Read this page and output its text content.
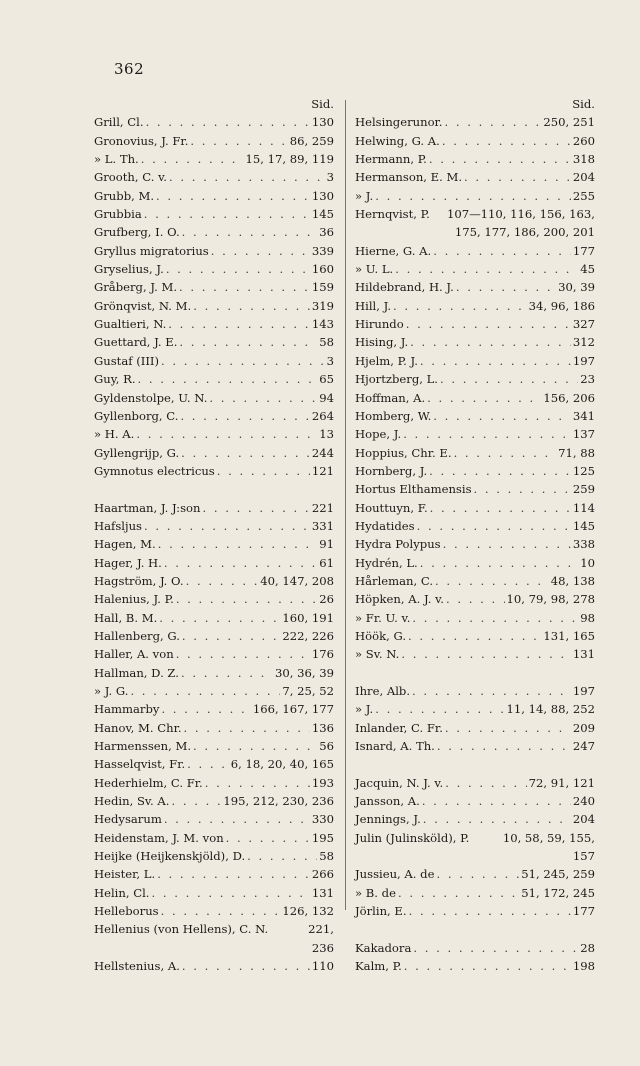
362
Sid.
Grill, Cl. . . .	130
Gronovius, J. Fr. . . .	86, 259
» L. Th. . . .	15, 17, 89, 119
Grooth, C. v. . . .	3
Grubb, M. . . .	130
Grubbia . . .	145
Grufberg, I. O. . . .	36
Gryllus migratorius . . .	339
Gryselius, J. . . .	160
Gråberg, J. M. . . .	159
Grönqvist, N. M. . . .	319
Gualtieri, N. . . .	143
Guettard, J. E. . . .	58
Gustaf (III) . . .	3
Guy, R. . . .	65
Gyldenstolpe, U. N. . . .	94
Gyllenborg, C. . . .	264
» H. A. . . .	13
Gyllengrijp, G. . . .	244
Gymnotus electricus . . .	121
Haartman, J. J:son . . .	221
Hafsljus . . .	331
Hagen, M. . . .	91
Hager, J. H. . . .	61
Hagström, J. O. . . .	40, 147, 208
Halenius, J. P. . . .	26
Hall, B. M. . . .	160, 191
Hallenberg, G. . . .	222, 226
Haller, A. von . . .	176
Hallman, D. Z. . . .	30, 36, 39
» J. G. . . .	7, 25, 52
Hammarby . . .	166, 167, 177
Hanov, M. Chr. . . .	136
Harmenssen, M. . . .	56
Hasselqvist, Fr. . . .	6, 18, 20, 40, 165
Hederhielm, C. Fr. . . .	193
Hedin, Sv. A. . . .	195, 212, 230, 236
Hedysarum . . .	330
Heidenstam, J. M. von . . .	195
Heijke (Heijkenskjöld), D. . . .	58
Heister, L. . . .	266
Helin, Cl. . . .	131
Helleborus . . .	126, 132
Hellenius (von Hellens), C. N.	221,
236
Hellstenius, A. . . .	110
Sid.
Helsingerunor. . . .	250, 251
Helwing, G. A. . . .	260
Hermann, P. . . .	318
Hermanson, E. M. . . .	204
» J. . . .	255
Hernqvist, P. 107—110, 116, 156, 163,
175, 177, 186, 200, 201
Hierne, G. A. . . .	177
» U. L. . . .	45
Hildebrand, H. J. . . .	30, 39
Hill, J. . . .	34, 96, 186
Hirundo . . .	327
Hising, J. . . .	312
Hjelm, P. J. . . .	197
Hjortzberg, L. . . .	23
Hoffman, A. . . .	156, 206
Homberg, W. . . .	341
Hope, J. . . .	137
Hoppius, Chr. E. . . .	71, 88
Hornberg, J. . . .	125
Hortus Elthamensis . . .	259
Houttuyn, F. . . .	114
Hydatides . . .	145
Hydra Polypus . . .	338
Hydrén, L. . . .	10
Hårleman, C. . . .	48, 138
Höpken, A. J. v. . . .	10, 79, 98, 278
» Fr. U. v. . . .	98
Höök, G. . . .	131, 165
» Sv. N. . . .	131
Ihre, Alb. . . .	197
» J. . . .	11, 14, 88, 252
Inlander, C. Fr. . . .	209
Isnard, A. Th. . . .	247
Jacquin, N. J. v. . . .	72, 91, 121
Jansson, A. . . .	240
Jennings, J. . . .	204
Julin (Julinsköld), P.	10, 58, 59, 155,
157
Jussieu, A. de . . .	51, 245, 259
» B. de . . .	51, 172, 245
Jörlin, E. . . .	177
Kakadora . . .	28
Kalm, P. . . .	198
